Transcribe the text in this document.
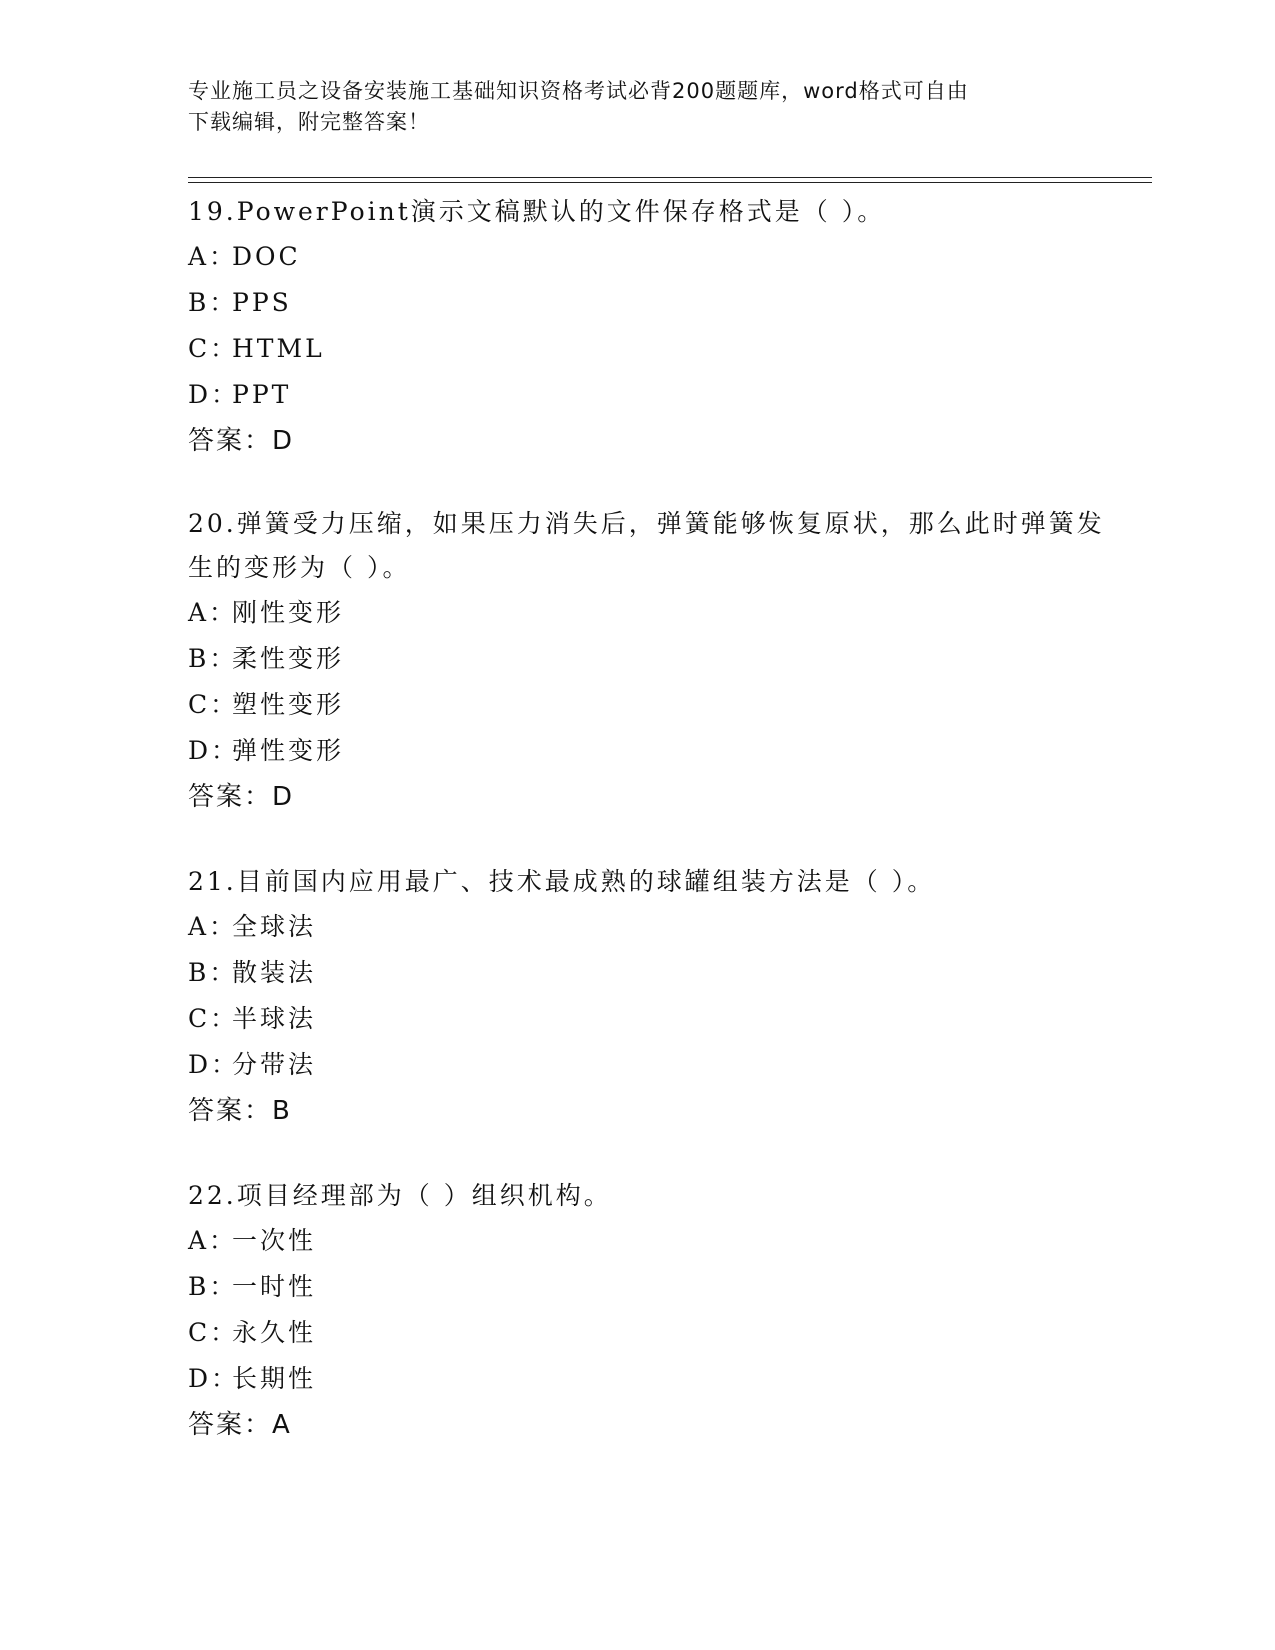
专业施工员之设备安装施工基础知识资格考试必背200题题库，word格式可自由
下载编辑，附完整答案！
19.PowerPoint演示文稿默认的文件保存格式是（ ）。
A：DOC
B：PPS
C：HTML
D：PPT
答案：D
20.弹簧受力压缩，如果压力消失后，弹簧能够恢复原状，那么此时弹簧发生的变形为（ ）。
A：刚性变形
B：柔性变形
C：塑性变形
D：弹性变形
答案：D
21.目前国内应用最广、技术最成熟的球罐组装方法是（ ）。
A：全球法
B：散装法
C：半球法
D：分带法
答案：B
22.项目经理部为（ ）组织机构。
A：一次性
B：一时性
C：永久性
D：长期性
答案：A
